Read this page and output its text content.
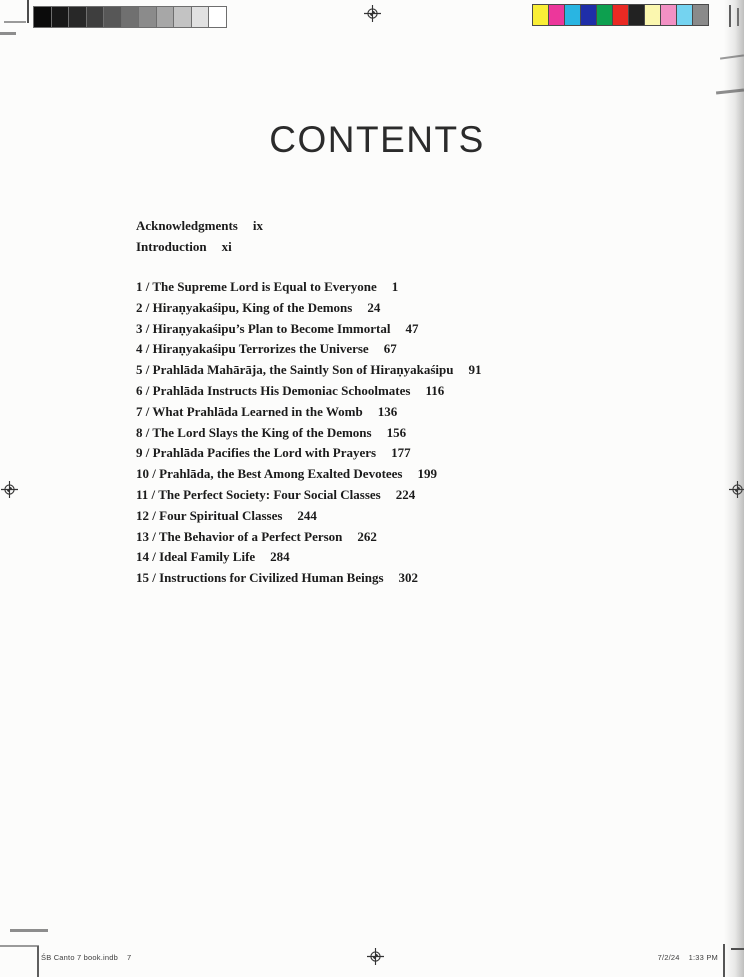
CONTENTS
Acknowledgments ix
Introduction xi
1 / The Supreme Lord is Equal to Everyone 1
2 / Hiraṇyakaśipu, King of the Demons 24
3 / Hiraṇyakaśipu’s Plan to Become Immortal 47
4 / Hiraṇyakaśipu Terrorizes the Universe 67
5 / Prahlāda Mahārāja, the Saintly Son of Hiraṇyakaśipu 91
6 / Prahlāda Instructs His Demoniac Schoolmates 116
7 / What Prahlāda Learned in the Womb 136
8 / The Lord Slays the King of the Demons 156
9 / Prahlāda Pacifies the Lord with Prayers 177
10 / Prahlāda, the Best Among Exalted Devotees 199
11 / The Perfect Society: Four Social Classes 224
12 / Four Spiritual Classes 244
13 / The Behavior of a Perfect Person 262
14 / Ideal Family Life 284
15 / Instructions for Civilized Human Beings 302
ŚB Canto 7 book.indb 7	7/2/24 1:33 PM
